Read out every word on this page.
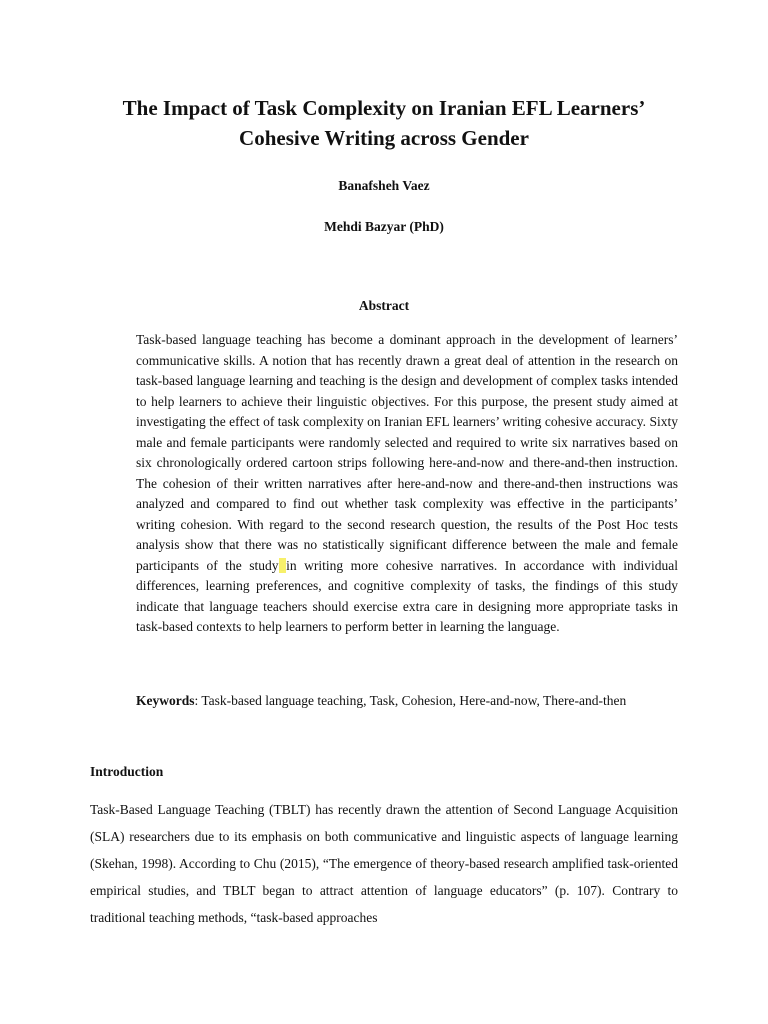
The Impact of Task Complexity on Iranian EFL Learners’
Cohesive Writing across Gender

Banafsheh Vaez

Mehdi Bazyar (PhD)

Abstract

Task-based language teaching has become a dominant approach in the development of learners’ communicative skills. A notion that has recently drawn a great deal of attention in the research on task-based language learning and teaching is the design and development of complex tasks intended to help learners to achieve their linguistic objectives. For this purpose, the present study aimed at investigating the effect of task complexity on Iranian EFL learners’ writing cohesive accuracy. Sixty male and female participants were randomly selected and required to write six narratives based on six chronologically ordered cartoon strips following here-and-now and there-and-then instruction. The cohesion of their written narratives after here-and-now and there-and-then instructions was analyzed and compared to find out whether task complexity was effective in the participants’ writing cohesion. With regard to the second research question, the results of the Post Hoc tests analysis show that there was no statistically significant difference between the male and female participants of the study in writing more cohesive narratives. In accordance with individual differences, learning preferences, and cognitive complexity of tasks, the findings of this study indicate that language teachers should exercise extra care in designing more appropriate tasks in task-based contexts to help learners to perform better in learning the language.

Keywords: Task-based language teaching, Task, Cohesion, Here-and-now, There-and-then

Introduction

Task-Based Language Teaching (TBLT) has recently drawn the attention of Second Language Acquisition (SLA) researchers due to its emphasis on both communicative and linguistic aspects of language learning (Skehan, 1998). According to Chu (2015), “The emergence of theory-based research amplified task-oriented empirical studies, and TBLT began to attract attention of language educators” (p. 107). Contrary to traditional teaching methods, “task-based approaches
